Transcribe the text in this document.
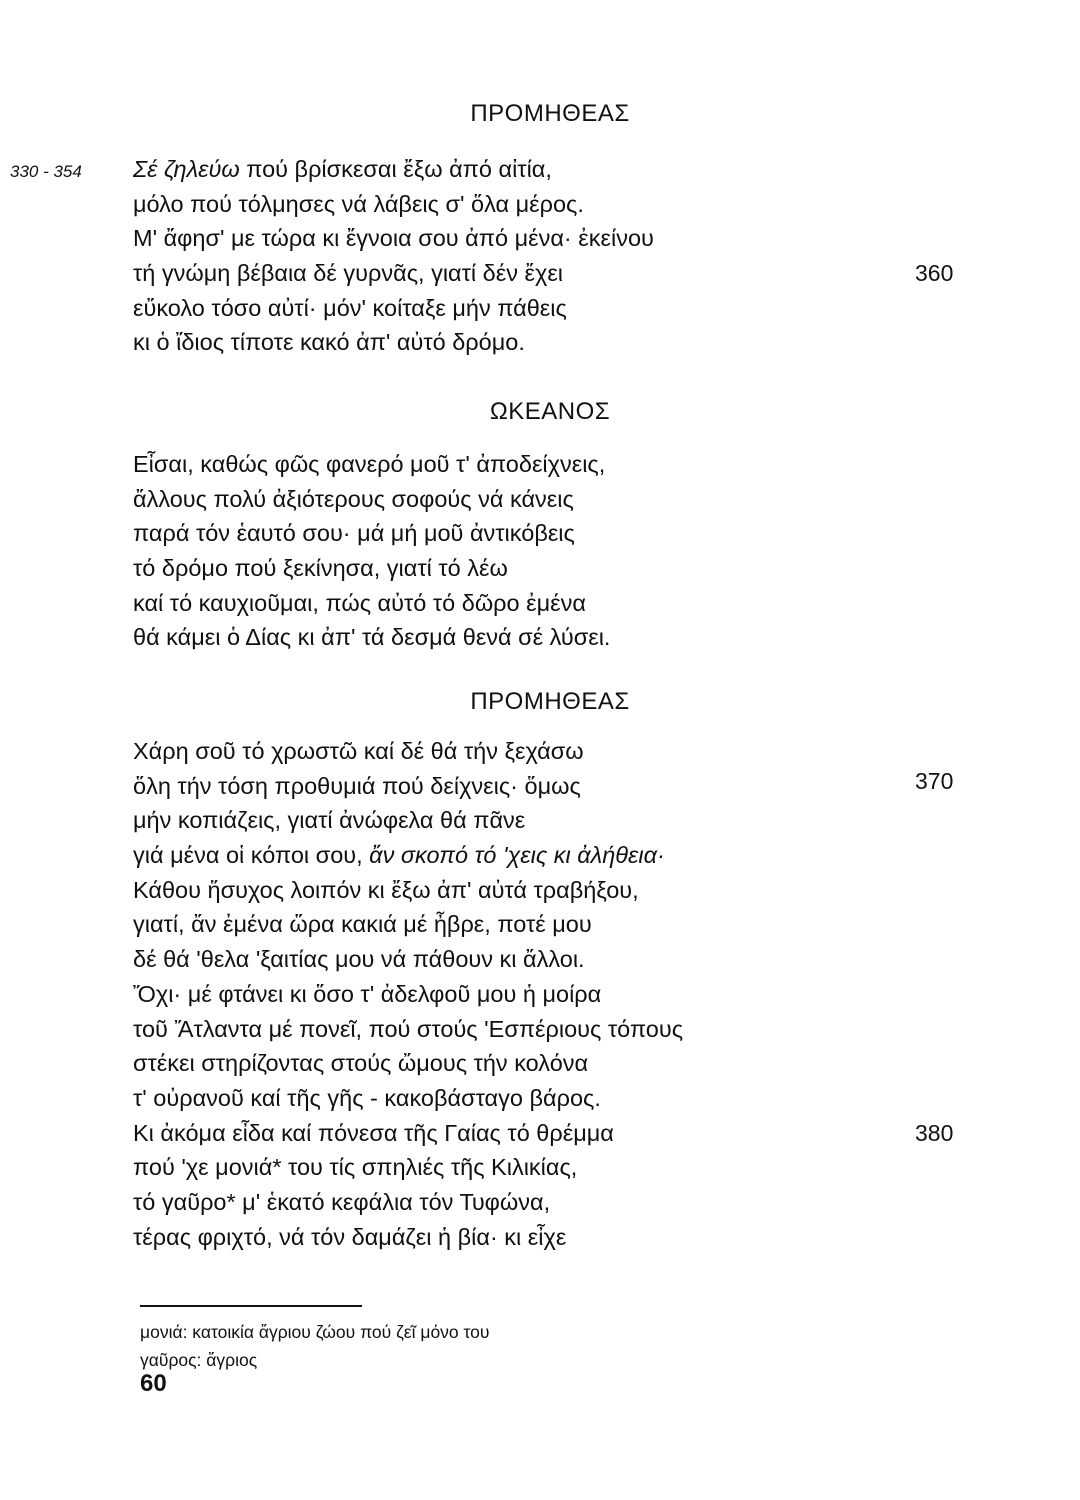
330 - 354
ΠΡΟΜΗΘΕΑΣ
Σέ ζηλεύω πού βρίσκεσαι ἔξω ἀπό αἰτία,
μόλο πού τόλμησες νά λάβεις σ' ὅλα μέρος.
Μ' ἄφησ' με τώρα κι ἔγνοια σου ἀπό μένα· ἐκείνου
τή γνώμη βέβαια δέ γυρνᾶς, γιατί δέν ἔχει
εὔκολο τόσο αὐτί· μόν' κοίταξε μήν πάθεις
κι ὁ ἴδιος τίποτε κακό ἀπ' αὐτό δρόμο.
ΩΚΕΑΝΟΣ
Εἶσαι, καθώς φῶς φανερό μοῦ τ' ἀποδείχνεις,
ἄλλους πολύ ἀξιότερους σοφούς νά κάνεις
παρά τόν ἑαυτό σου· μά μή μοῦ ἀντικόβεις
τό δρόμο πού ξεκίνησα, γιατί τό λέω
καί τό καυχιοῦμαι, πώς αὐτό τό δῶρο ἐμένα
θά κάμει ὁ Δίας κι ἀπ' τά δεσμά θενά σέ λύσει.
ΠΡΟΜΗΘΕΑΣ
Χάρη σοῦ τό χρωστῶ καί δέ θά τήν ξεχάσω
ὅλη τήν τόση προθυμιά πού δείχνεις· ὅμως
μήν κοπιάζεις, γιατί ἀνώφελα θά πᾶνε
γιά μένα οἱ κόποι σου, ἄν σκοπό τό 'χεις κι ἀλήθεια·
Κάθου ἥσυχος λοιπόν κι ἔξω ἀπ' αὐτά τραβήξου,
γιατί, ἄν ἐμένα ὥρα κακιά μέ ἦβρε, ποτέ μου
δέ θά 'θελα 'ξαιτίας μου νά πάθουν κι ἄλλοι.
Ὄχι· μέ φτάνει κι ὅσο τ' ἀδελφοῦ μου ἡ μοίρα
τοῦ Ἄτλαντα μέ πονεῖ, πού στούς 'Εσπέριους τόπους
στέκει στηρίζοντας στούς ὤμους τήν κολόνα
τ' οὐρανοῦ καί τῆς γῆς - κακοβάσταγο βάρος.
Κι ἀκόμα εἶδα καί πόνεσα τῆς Γαίας τό θρέμμα
πού 'χε μονιά* του τίς σπηλιές τῆς Κιλικίας,
τό γαῦρο* μ' ἑκατό κεφάλια τόν Τυφώνα,
τέρας φριχτό, νά τόν δαμάζει ἡ βία· κι εἶχε
360
370
380
μονιά: κατοικία ἄγριου ζώου πού ζεῖ μόνο του
γαῦρος: ἄγριος
60
